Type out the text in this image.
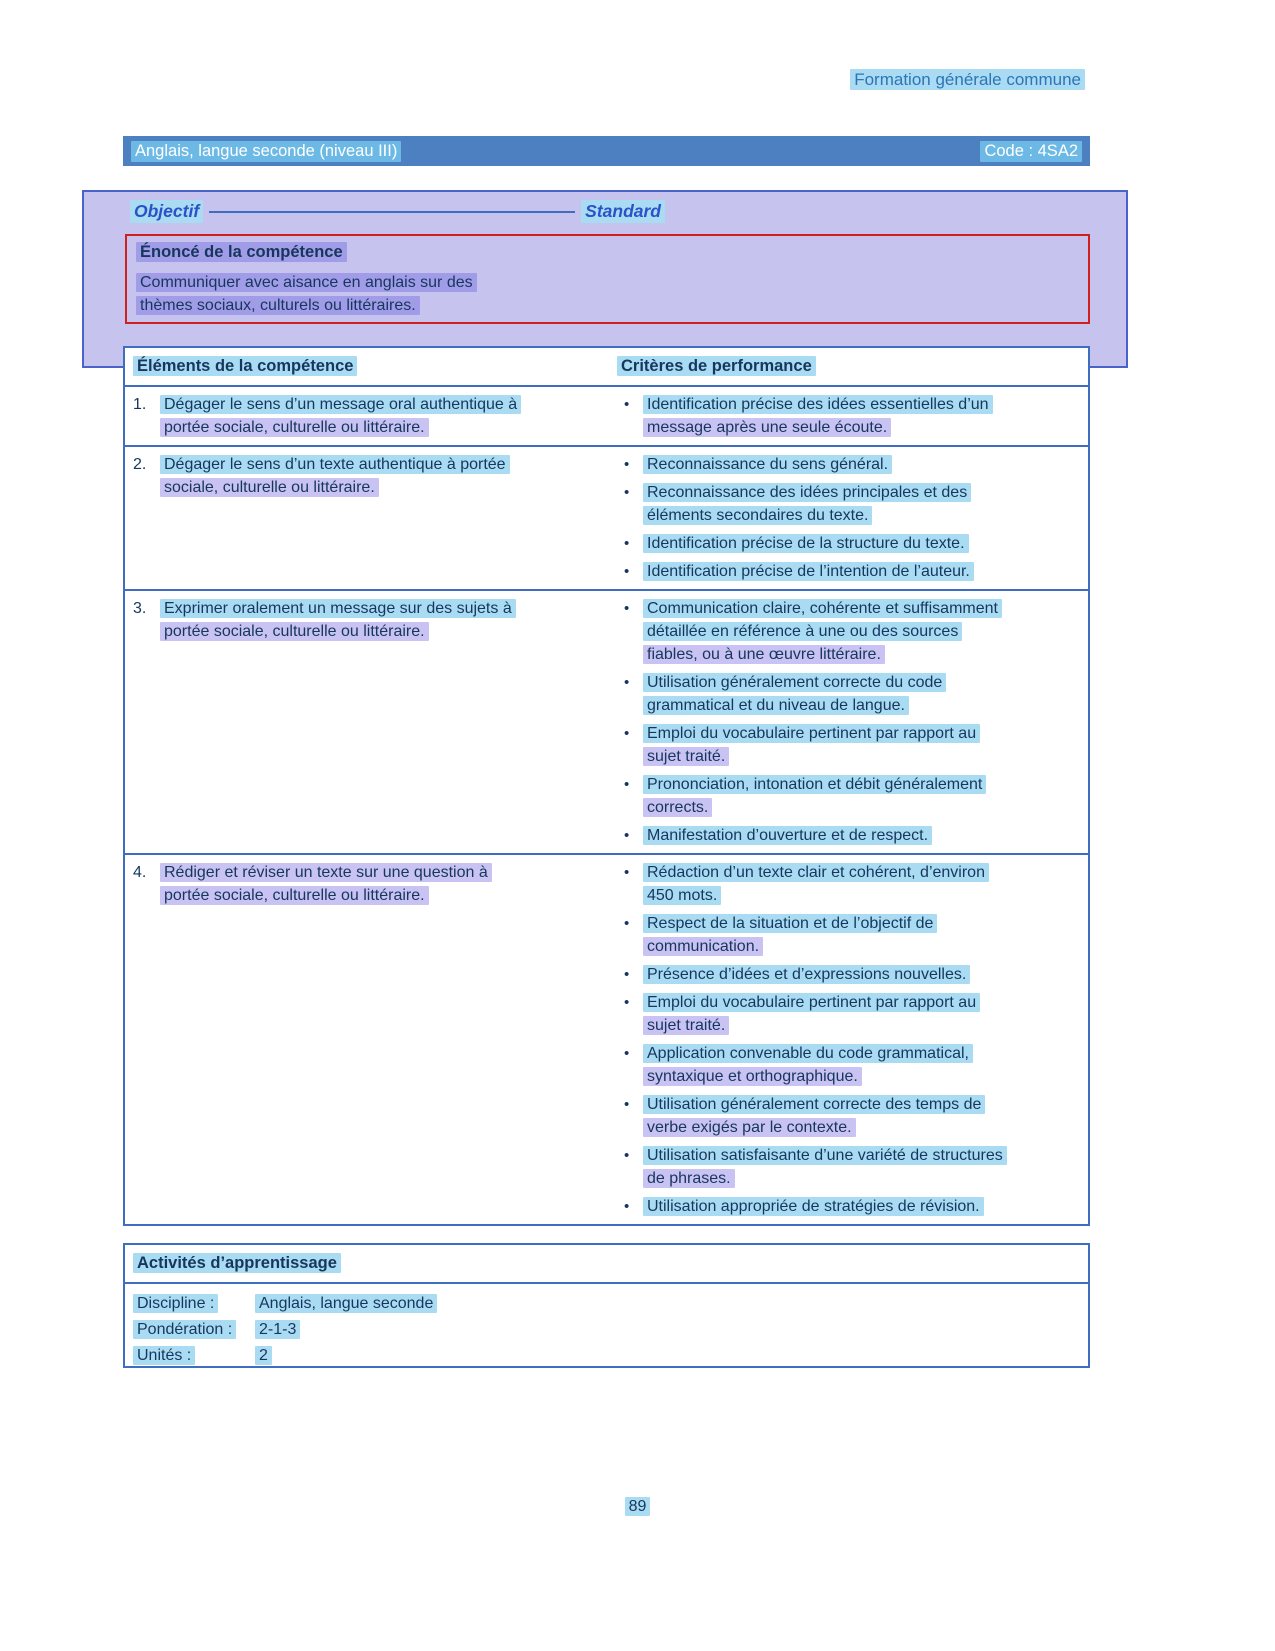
Formation générale commune
Anglais, langue seconde (niveau III)	Code : 4SA2
Objectif	Standard
Énoncé de la compétence
Communiquer avec aisance en anglais sur des
thèmes sociaux, culturels ou littéraires.
Éléments de la compétence	Critères de performance
1.	Dégager le sens d’un message oral authentique à
portée sociale, culturelle ou littéraire.
•	Identification précise des idées essentielles d’un
message après une seule écoute.
2.	Dégager le sens d’un texte authentique à portée
sociale, culturelle ou littéraire.
•	Reconnaissance du sens général.
•	Reconnaissance des idées principales et des
éléments secondaires du texte.
•	Identification précise de la structure du texte.
•	Identification précise de l’intention de l’auteur.
3.	Exprimer oralement un message sur des sujets à
portée sociale, culturelle ou littéraire.
•	Communication claire, cohérente et suffisamment
détaillée en référence à une ou des sources
fiables, ou à une œuvre littéraire.
•	Utilisation généralement correcte du code
grammatical et du niveau de langue.
•	Emploi du vocabulaire pertinent par rapport au
sujet traité.
•	Prononciation, intonation et débit généralement
corrects.
•	Manifestation d’ouverture et de respect.
4.	Rédiger et réviser un texte sur une question à
portée sociale, culturelle ou littéraire.
•	Rédaction d’un texte clair et cohérent, d’environ
450 mots.
•	Respect de la situation et de l’objectif de
communication.
•	Présence d’idées et d’expressions nouvelles.
•	Emploi du vocabulaire pertinent par rapport au
sujet traité.
•	Application convenable du code grammatical,
syntaxique et orthographique.
•	Utilisation généralement correcte des temps de
verbe exigés par le contexte.
•	Utilisation satisfaisante d’une variété de structures
de phrases.
•	Utilisation appropriée de stratégies de révision.
Activités d’apprentissage
Discipline :	Anglais, langue seconde
Pondération : 2-1-3
Unités :	2
89
